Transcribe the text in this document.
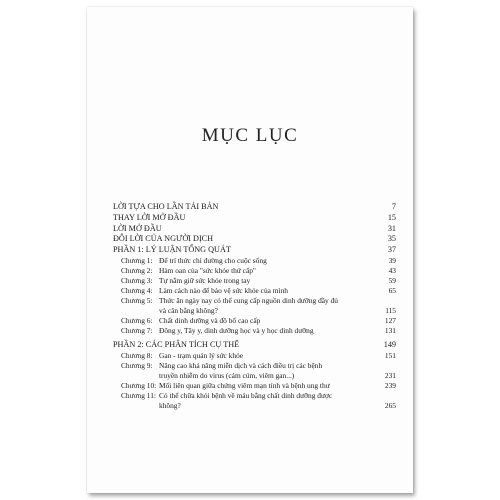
MỤC LỤC
LỜI TỰA CHO LẦN TÁI BẢN	7
THAY LỜI MỞ ĐẦU	15
LỜI MỞ ĐẦU	31
ĐÔI LỜI CỦA NGƯỜI DỊCH	35
PHẦN 1: LÝ LUẬN TỔNG QUÁT	37
Chương 1: Để trí thức chỉ đường cho cuộc sống	39
Chương 2: Hàm oan của "sức khỏe thứ cấp"	43
Chương 3: Tự nắm giữ sức khỏe trong tay	59
Chương 4: Làm cách nào để bảo vệ sức khỏe của mình	65
Chương 5: Thức ăn ngày nay có thể cung cấp nguồn dinh dưỡng đầy đủ và cân bằng không?	115
Chương 6: Chất dinh dưỡng và đồ bổ cao cấp	127
Chương 7: Đông y, Tây y, dinh dưỡng học và y học dinh dưỡng	131
PHẦN 2: CÁC PHÂN TÍCH CỤ THỂ	149
Chương 8: Gan - trạm quản lý sức khỏe	151
Chương 9: Nâng cao khả năng miễn dịch và cách điều trị các bệnh truyền nhiễm do virus (cảm cúm, viêm gan...)	231
Chương 10: Mối liên quan giữa chứng viêm mạn tính và bệnh ung thư	239
Chương 11: Có thể chữa khỏi bệnh về máu bằng chất dinh dưỡng được không?	265
